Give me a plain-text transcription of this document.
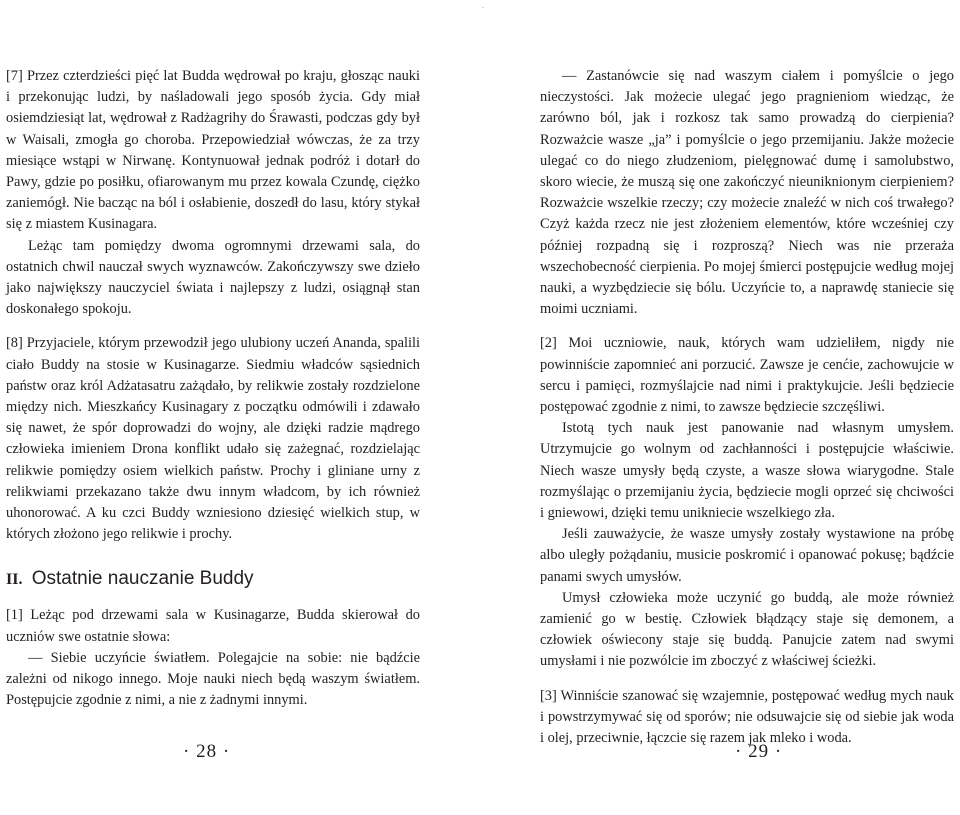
.

[7] Przez czterdzieści pięć lat Budda wędrował po kraju, głosząc nauki i przekonując ludzi, by naśladowali jego sposób życia. Gdy miał osiemdziesiąt lat, wędrował z Radżagrihy do Śrawasti, podczas gdy był w Waisali, zmogła go choroba. Przepowiedział wówczas, że za trzy miesiące wstąpi w Nirwanę. Kontynuował jednak podróż i dotarł do Pawy, gdzie po posiłku, ofiarowanym mu przez kowala Czundę, ciężko zaniemógł. Nie bacząc na ból i osłabienie, doszedł do lasu, który stykał się z miastem Kusinagara.

Leżąc tam pomiędzy dwoma ogromnymi drzewami sala, do ostatnich chwil nauczał swych wyznawców. Zakończywszy swe dzieło jako największy nauczyciel świata i najlepszy z ludzi, osiągnął stan doskonałego spokoju.

[8] Przyjaciele, którym przewodził jego ulubiony uczeń Ananda, spalili ciało Buddy na stosie w Kusinagarze. Siedmiu władców sąsiednich państw oraz król Adżatasatru zażądało, by relikwie zostały rozdzielone między nich. Mieszkańcy Kusinagary z początku odmówili i zdawało się nawet, że spór doprowadzi do wojny, ale dzięki radzie mądrego człowieka imieniem Drona konflikt udało się zażegnać, rozdzielając relikwie pomiędzy osiem wielkich państw. Prochy i gliniane urny z relikwiami przekazano także dwu innym władcom, by ich również uhonorować. A ku czci Buddy wzniesiono dziesięć wielkich stup, w których złożono jego relikwie i prochy.

II. Ostatnie nauczanie Buddy

[1] Leżąc pod drzewami sala w Kusinagarze, Budda skierował do uczniów swe ostatnie słowa:

— Siebie uczyńcie światłem. Polegajcie na sobie: nie bądźcie zależni od nikogo innego. Moje nauki niech będą waszym światłem. Postępujcie zgodnie z nimi, a nie z żadnymi innymi.

· 28 ·

— Zastanówcie się nad waszym ciałem i pomyślcie o jego nieczystości. Jak możecie ulegać jego pragnieniom wiedząc, że zarówno ból, jak i rozkosz tak samo prowadzą do cierpienia? Rozważcie wasze „ja” i pomyślcie o jego przemijaniu. Jakże możecie ulegać co do niego złudzeniom, pielęgnować dumę i samolubstwo, skoro wiecie, że muszą się one zakończyć nieuniknionym cierpieniem? Rozważcie wszelkie rzeczy; czy możecie znaleźć w nich coś trwałego? Czyż każda rzecz nie jest złożeniem elementów, które wcześniej czy później rozpadną się i rozproszą? Niech was nie przeraża wszechobecność cierpienia. Po mojej śmierci postępujcie według mojej nauki, a wyzbędziecie się bólu. Uczyńcie to, a naprawdę staniecie się moimi uczniami.

[2] Moi uczniowie, nauk, których wam udzieliłem, nigdy nie powinniście zapomnieć ani porzucić. Zawsze je cenćie, zachowujcie w sercu i pamięci, rozmyślajcie nad nimi i praktykujcie. Jeśli będziecie postępować zgodnie z nimi, to zawsze będziecie szczęśliwi.

Istotą tych nauk jest panowanie nad własnym umysłem. Utrzymujcie go wolnym od zachłanności i postępujcie właściwie. Niech wasze umysły będą czyste, a wasze słowa wiarygodne. Stale rozmyślając o przemijaniu życia, będziecie mogli oprzeć się chciwości i gniewowi, dzięki temu unikniecie wszelkiego zła.

Jeśli zauważycie, że wasze umysły zostały wystawione na próbę albo uległy pożądaniu, musicie poskromić i opanować pokusę; bądźcie panami swych umysłów.

Umysł człowieka może uczynić go buddą, ale może również zamienić go w bestię. Człowiek błądzący staje się demonem, a człowiek oświecony staje się buddą. Panujcie zatem nad swymi umysłami i nie pozwólcie im zboczyć z właściwej ścieżki.

[3] Winniście szanować się wzajemnie, postępować według mych nauk i powstrzymywać się od sporów; nie odsuwajcie się od siebie jak woda i olej, przeciwnie, łączcie się razem jak mleko i woda.

· 29 ·
